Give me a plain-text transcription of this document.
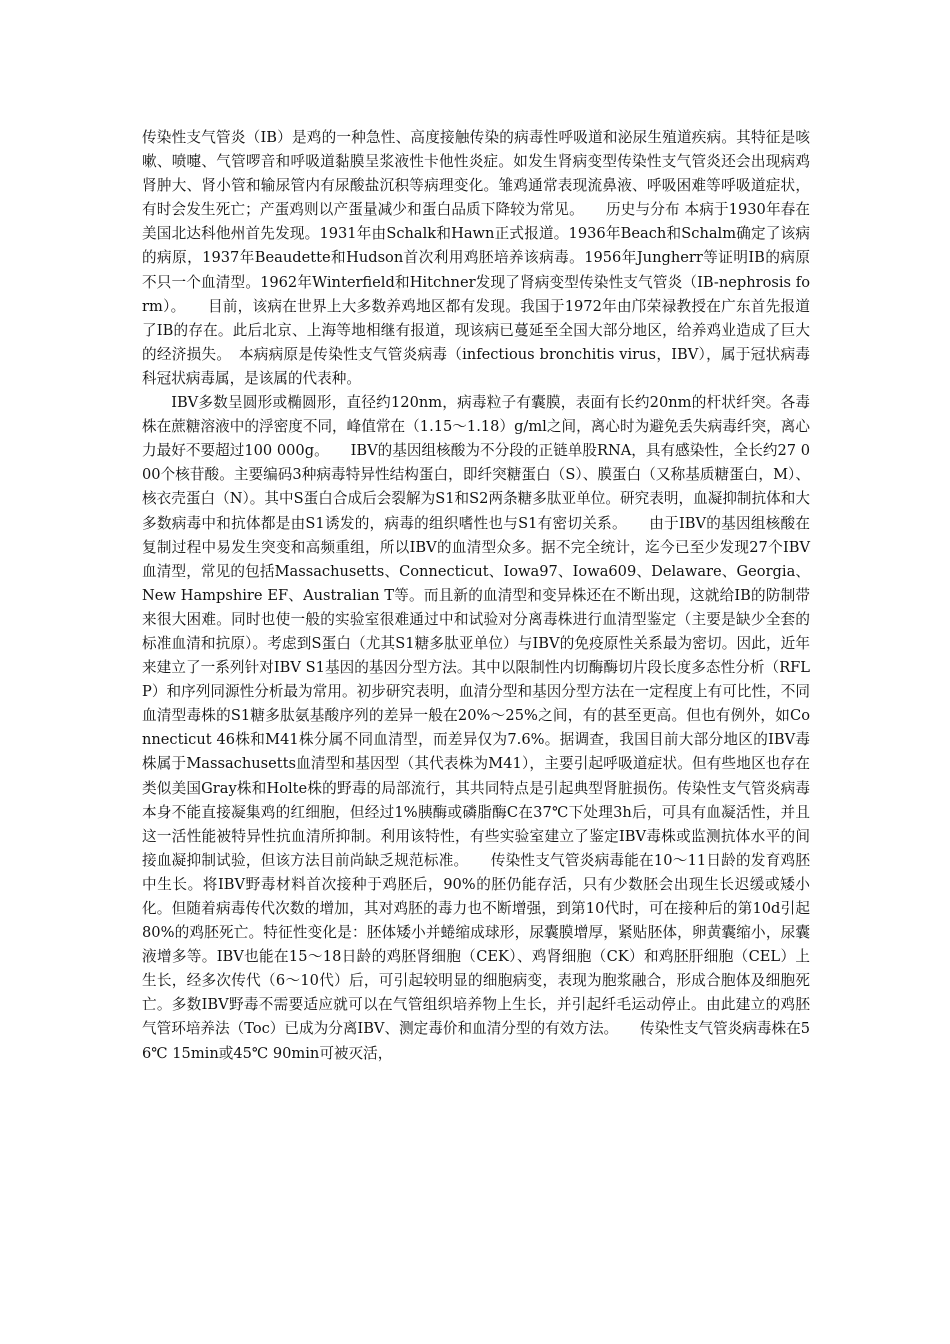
传染性支气管炎（IB）是鸡的一种急性、高度接触传染的病毒性呼吸道和泌尿生殖道疾病。其特征是咳嗽、喷嚏、气管啰音和呼吸道黏膜呈浆液性卡他性炎症。如发生肾病变型传染性支气管炎还会出现病鸡肾肿大、肾小管和输尿管内有尿酸盐沉积等病理变化。雏鸡通常表现流鼻液、呼吸困难等呼吸道症状，有时会发生死亡；产蛋鸡则以产蛋量减少和蛋白品质下降较为常见。　　历史与分布 本病于1930年春在美国北达科他州首先发现。1931年由Schalk和Hawn正式报道。1936年Beach和Schalm确定了该病的病原，1937年Beaudette和Hudson首次利用鸡胚培养该病毒。1956年Jungherr等证明IB的病原不只一个血清型。1962年Winterfield和Hitchner发现了肾病变型传染性支气管炎（IB-nephrosis form）。　　目前，该病在世界上大多数养鸡地区都有发现。我国于1972年由邝荣禄教授在广东首先报道了IB的存在。此后北京、上海等地相继有报道，现该病已蔓延至全国大部分地区，给养鸡业造成了巨大的经济损失。　本病病原是传染性支气管炎病毒（infectious bronchitis virus，IBV），属于冠状病毒科冠状病毒属，是该属的代表种。

IBV多数呈圆形或椭圆形，直径约120nm，病毒粒子有囊膜，表面有长约20nm的杆状纤突。各毒株在蔗糖溶液中的浮密度不同，峰值常在（1.15～1.18）g/ml之间，离心时为避免丢失病毒纤突，离心力最好不要超过100 000g。　　IBV的基因组核酸为不分段的正链单股RNA，具有感染性，全长约27 000个核苷酸。主要编码3种病毒特异性结构蛋白，即纤突糖蛋白（S）、膜蛋白（又称基质糖蛋白，M）、核衣壳蛋白（N）。其中S蛋白合成后会裂解为S1和S2两条糖多肽亚单位。研究表明，血凝抑制抗体和大多数病毒中和抗体都是由S1诱发的，病毒的组织嗜性也与S1有密切关系。　　由于IBV的基因组核酸在复制过程中易发生突变和高频重组，所以IBV的血清型众多。据不完全统计，迄今已至少发现27个IBV血清型，常见的包括Massachusetts、Connecticut、Iowa97、Iowa609、Delaware、Georgia、New Hampshire EF、Australian T等。而且新的血清型和变异株还在不断出现，这就给IB的防制带来很大困难。同时也使一般的实验室很难通过中和试验对分离毒株进行血清型鉴定（主要是缺少全套的标准血清和抗原）。考虑到S蛋白（尤其S1糖多肽亚单位）与IBV的免疫原性关系最为密切。因此，近年来建立了一系列针对IBV S1基因的基因分型方法。其中以限制性内切酶酶切片段长度多态性分析（RFLP）和序列同源性分析最为常用。初步研究表明，血清分型和基因分型方法在一定程度上有可比性，不同血清型毒株的S1糖多肽氨基酸序列的差异一般在20%～25%之间，有的甚至更高。但也有例外，如Connecticut 46株和M41株分属不同血清型，而差异仅为7.6%。据调查，我国目前大部分地区的IBV毒株属于Massachusetts血清型和基因型（其代表株为M41），主要引起呼吸道症状。但有些地区也存在类似美国Gray株和Holte株的野毒的局部流行，其共同特点是引起典型肾脏损伤。传染性支气管炎病毒本身不能直接凝集鸡的红细胞，但经过1%胰酶或磷脂酶C在37℃下处理3h后，可具有血凝活性，并且这一活性能被特异性抗血清所抑制。利用该特性，有些实验室建立了鉴定IBV毒株或监测抗体水平的间接血凝抑制试验，但该方法目前尚缺乏规范标准。　　传染性支气管炎病毒能在10～11日龄的发育鸡胚中生长。将IBV野毒材料首次接种于鸡胚后，90%的胚仍能存活，只有少数胚会出现生长迟缓或矮小化。但随着病毒传代次数的增加，其对鸡胚的毒力也不断增强，到第10代时，可在接种后的第10d引起80%的鸡胚死亡。特征性变化是：胚体矮小并蜷缩成球形，尿囊膜增厚，紧贴胚体，卵黄囊缩小，尿囊液增多等。IBV也能在15～18日龄的鸡胚肾细胞（CEK）、鸡肾细胞（CK）和鸡胚肝细胞（CEL）上生长，经多次传代（6～10代）后，可引起较明显的细胞病变，表现为胞浆融合，形成合胞体及细胞死亡。多数IBV野毒不需要适应就可以在气管组织培养物上生长，并引起纤毛运动停止。由此建立的鸡胚气管环培养法（Toc）已成为分离IBV、测定毒价和血清分型的有效方法。　　传染性支气管炎病毒株在56℃ 15min或45℃ 90min可被灭活，
